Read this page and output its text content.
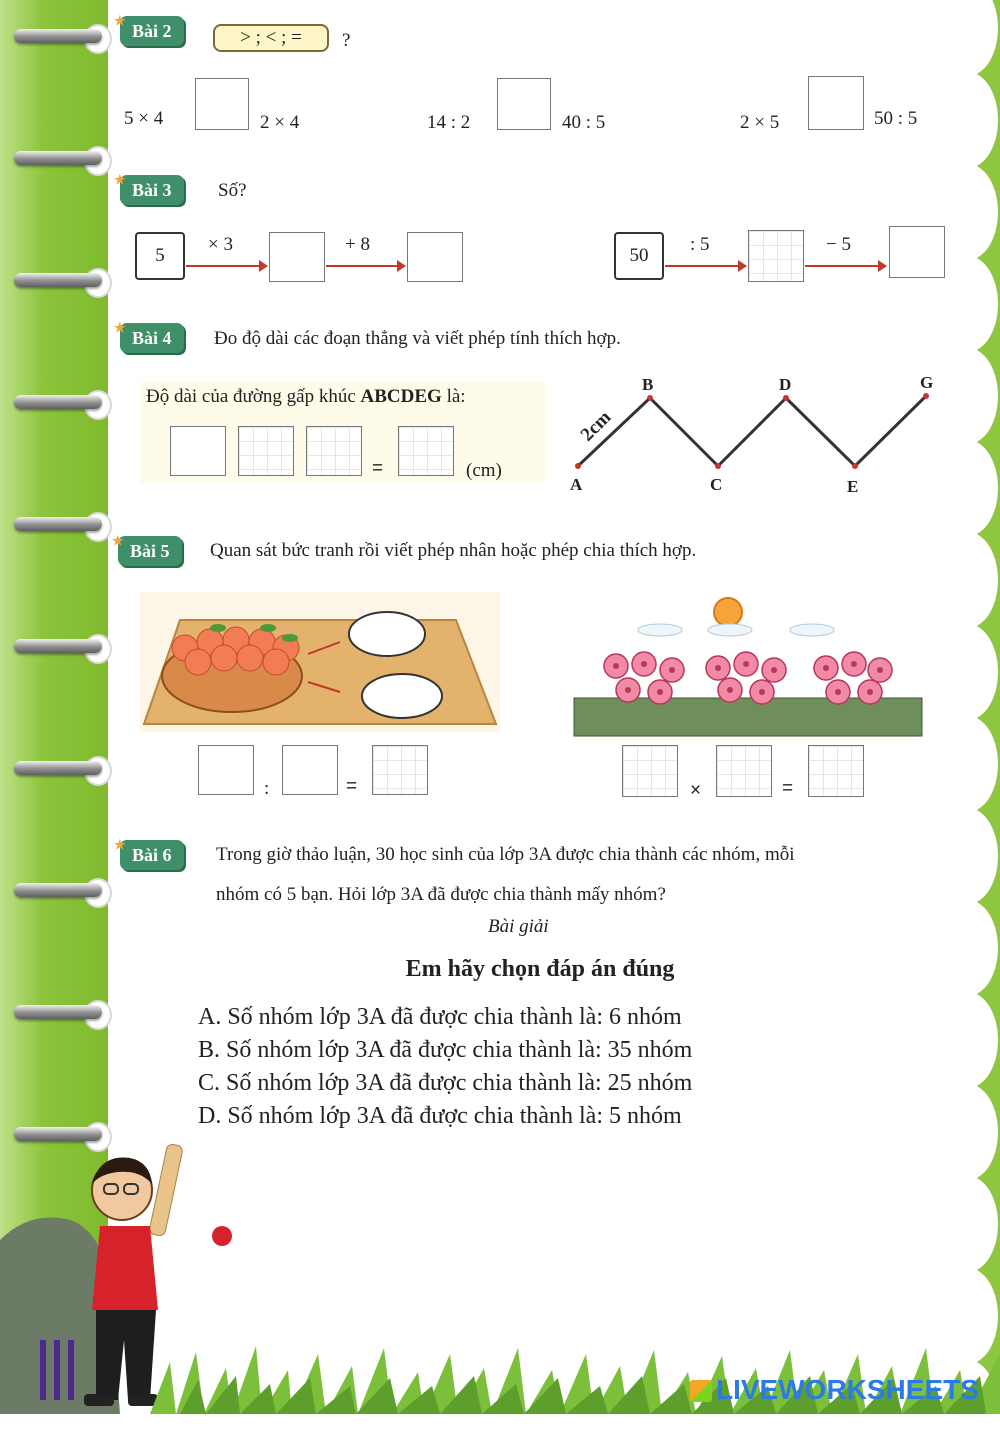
★
Bài 2	> ; < ; =	?
5 × 4	2 × 4	14 : 2	40 : 5	2 × 5	50 : 5
★
Bài 3	Số?
5
× 3	+ 8
50
: 5	− 5
★
Bài 4	Đo độ dài các đoạn thẳng và viết phép tính thích hợp.
Độ dài của đường gấp khúc ABCDEG là:
=	(cm)
A
B
C
D
E
G
2cm
★
Bài 5	Quan sát bức tranh rồi viết phép nhân hoặc phép chia thích hợp.
:	=	×	=
★
Bài 6	Trong giờ thảo luận, 30 học sinh của lớp 3A được chia thành các nhóm, mỗi
nhóm có 5 bạn. Hỏi lớp 3A đã được chia thành mấy nhóm?
Bài giải
Em hãy chọn đáp án đúng
A. Số nhóm lớp 3A đã được chia thành là: 6 nhóm
B. Số nhóm lớp 3A đã được chia thành là: 35 nhóm
C. Số nhóm lớp 3A đã được chia thành là: 25 nhóm
D. Số nhóm lớp 3A đã được chia thành là: 5 nhóm
LIVEWORKSHEETS
